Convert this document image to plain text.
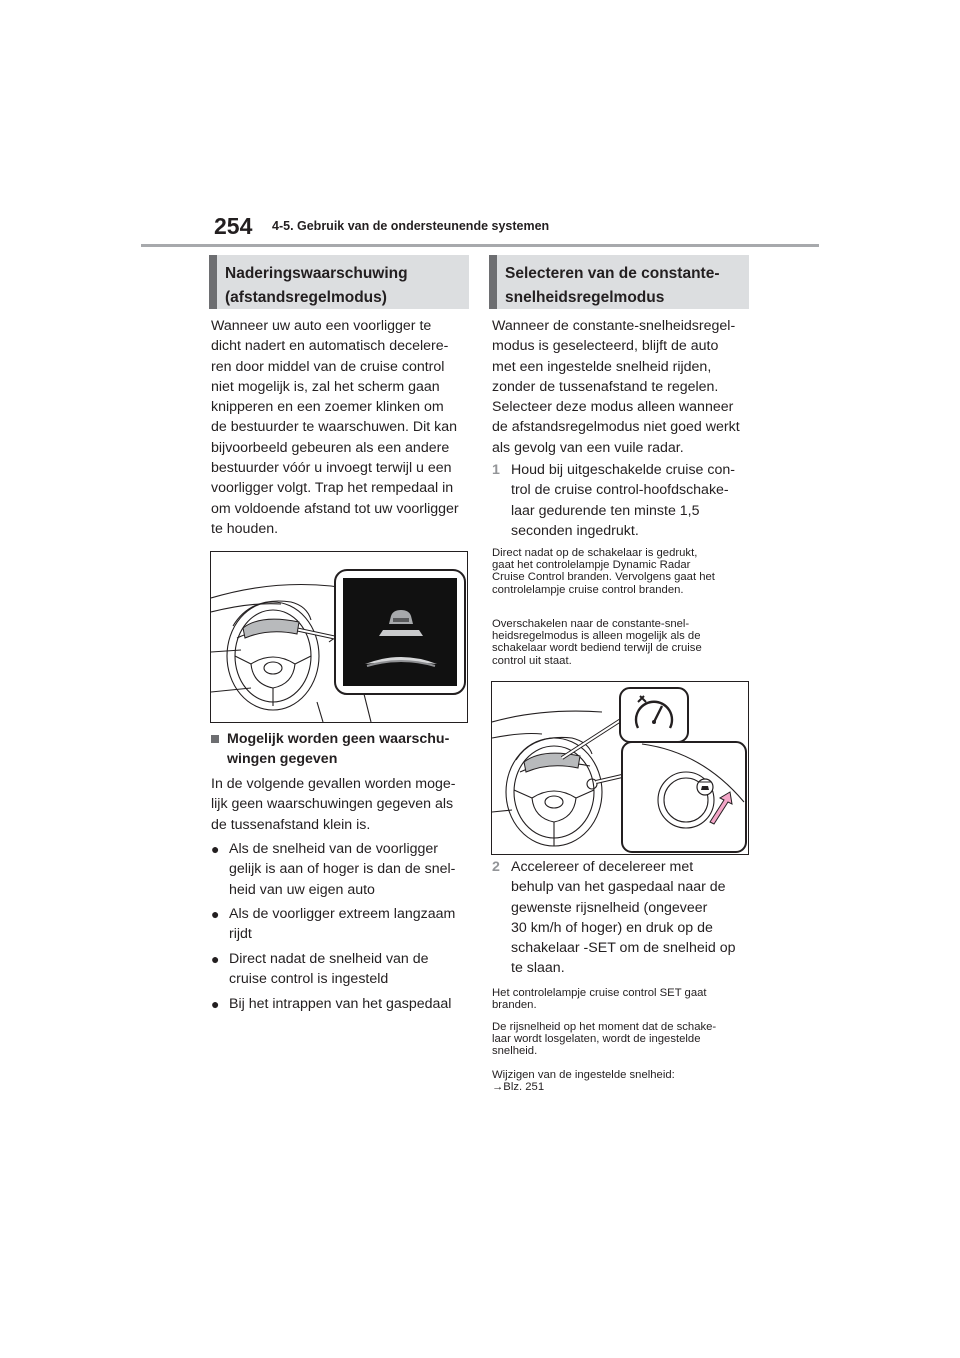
254 4-5. Gebruik van de ondersteunende systemen
Naderingswaarschuwing
(afstandsregelmodus)
Wanneer uw auto een voorligger te
dicht nadert en automatisch decelere-
ren door middel van de cruise control
niet mogelijk is, zal het scherm gaan
knipperen en een zoemer klinken om
de bestuurder te waarschuwen. Dit kan
bijvoorbeeld gebeuren als een andere
bestuurder vóór u invoegt terwijl u een
voorligger volgt. Trap het rempedaal in
om voldoende afstand tot uw voorligger
te houden.
Mogelijk worden geen waarschu-
wingen gegeven
In de volgende gevallen worden moge-
lijk geen waarschuwingen gegeven als
de tussenafstand klein is.
● Als de snelheid van de voorligger
gelijk is aan of hoger is dan de snel-
heid van uw eigen auto
● Als de voorligger extreem langzaam
rijdt
● Direct nadat de snelheid van de
cruise control is ingesteld
● Bij het intrappen van het gaspedaal
Selecteren van de constante-
snelheidsregelmodus
Wanneer de constante-snelheidsregel-
modus is geselecteerd, blijft de auto
met een ingestelde snelheid rijden,
zonder de tussenafstand te regelen.
Selecteer deze modus alleen wanneer
de afstandsregelmodus niet goed werkt
als gevolg van een vuile radar.
1 Houd bij uitgeschakelde cruise con-
trol de cruise control-hoofdschake-
laar gedurende ten minste 1,5
seconden ingedrukt.
Direct nadat op de schakelaar is gedrukt,
gaat het controlelampje Dynamic Radar
Cruise Control branden. Vervolgens gaat het
controlelampje cruise control branden.
Overschakelen naar de constante-snel-
heidsregelmodus is alleen mogelijk als de
schakelaar wordt bediend terwijl de cruise
control uit staat.
2 Accelereer of decelereer met
behulp van het gaspedaal naar de
gewenste rijsnelheid (ongeveer
30 km/h of hoger) en druk op de
schakelaar -SET om de snelheid op
te slaan.
Het controlelampje cruise control SET gaat
branden.
De rijsnelheid op het moment dat de schake-
laar wordt losgelaten, wordt de ingestelde
snelheid.
Wijzigen van de ingestelde snelheid:
→Blz. 251
